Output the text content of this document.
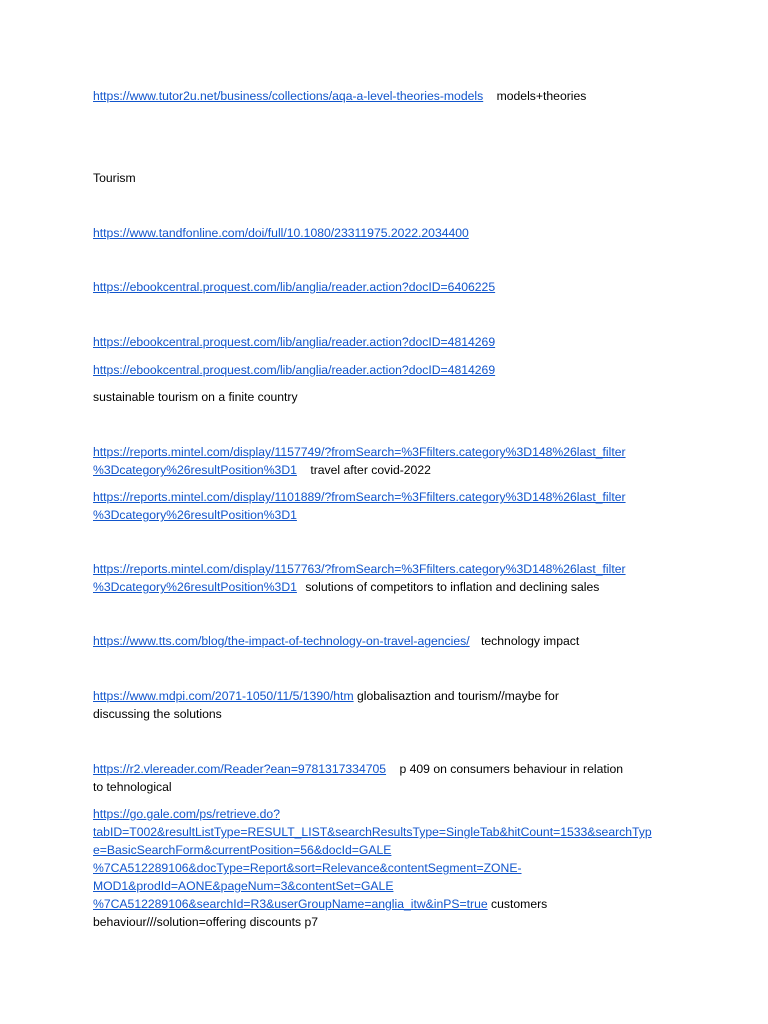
https://www.tutor2u.net/business/collections/aqa-a-level-theories-models models+theories
Tourism
https://www.tandfonline.com/doi/full/10.1080/23311975.2022.2034400
https://ebookcentral.proquest.com/lib/anglia/reader.action?docID=6406225
https://ebookcentral.proquest.com/lib/anglia/reader.action?docID=4814269
https://ebookcentral.proquest.com/lib/anglia/reader.action?docID=4814269
sustainable tourism on a finite country
https://reports.mintel.com/display/1157749/?fromSearch=%3Ffilters.category%3D148%26last_filter
%3Dcategory%26resultPosition%3D1 travel after covid-2022
https://reports.mintel.com/display/1101889/?fromSearch=%3Ffilters.category%3D148%26last_filter
%3Dcategory%26resultPosition%3D1
https://reports.mintel.com/display/1157763/?fromSearch=%3Ffilters.category%3D148%26last_filter
%3Dcategory%26resultPosition%3D1 solutions of competitors to inflation and declining sales
https://www.tts.com/blog/the-impact-of-technology-on-travel-agencies/ technology impact
https://www.mdpi.com/2071-1050/11/5/1390/htm globalisaztion and tourism//maybe for
discussing the solutions
https://r2.vlereader.com/Reader?ean=9781317334705 p 409 on consumers behaviour in relation
to tehnological
https://go.gale.com/ps/retrieve.do?
tabID=T002&resultListType=RESULT_LIST&searchResultsType=SingleTab&hitCount=1533&searchTyp
e=BasicSearchForm&currentPosition=56&docId=GALE
%7CA512289106&docType=Report&sort=Relevance&contentSegment=ZONE-
MOD1&prodId=AONE&pageNum=3&contentSet=GALE
%7CA512289106&searchId=R3&userGroupName=anglia_itw&inPS=true customers
behaviour///solution=offering discounts p7
